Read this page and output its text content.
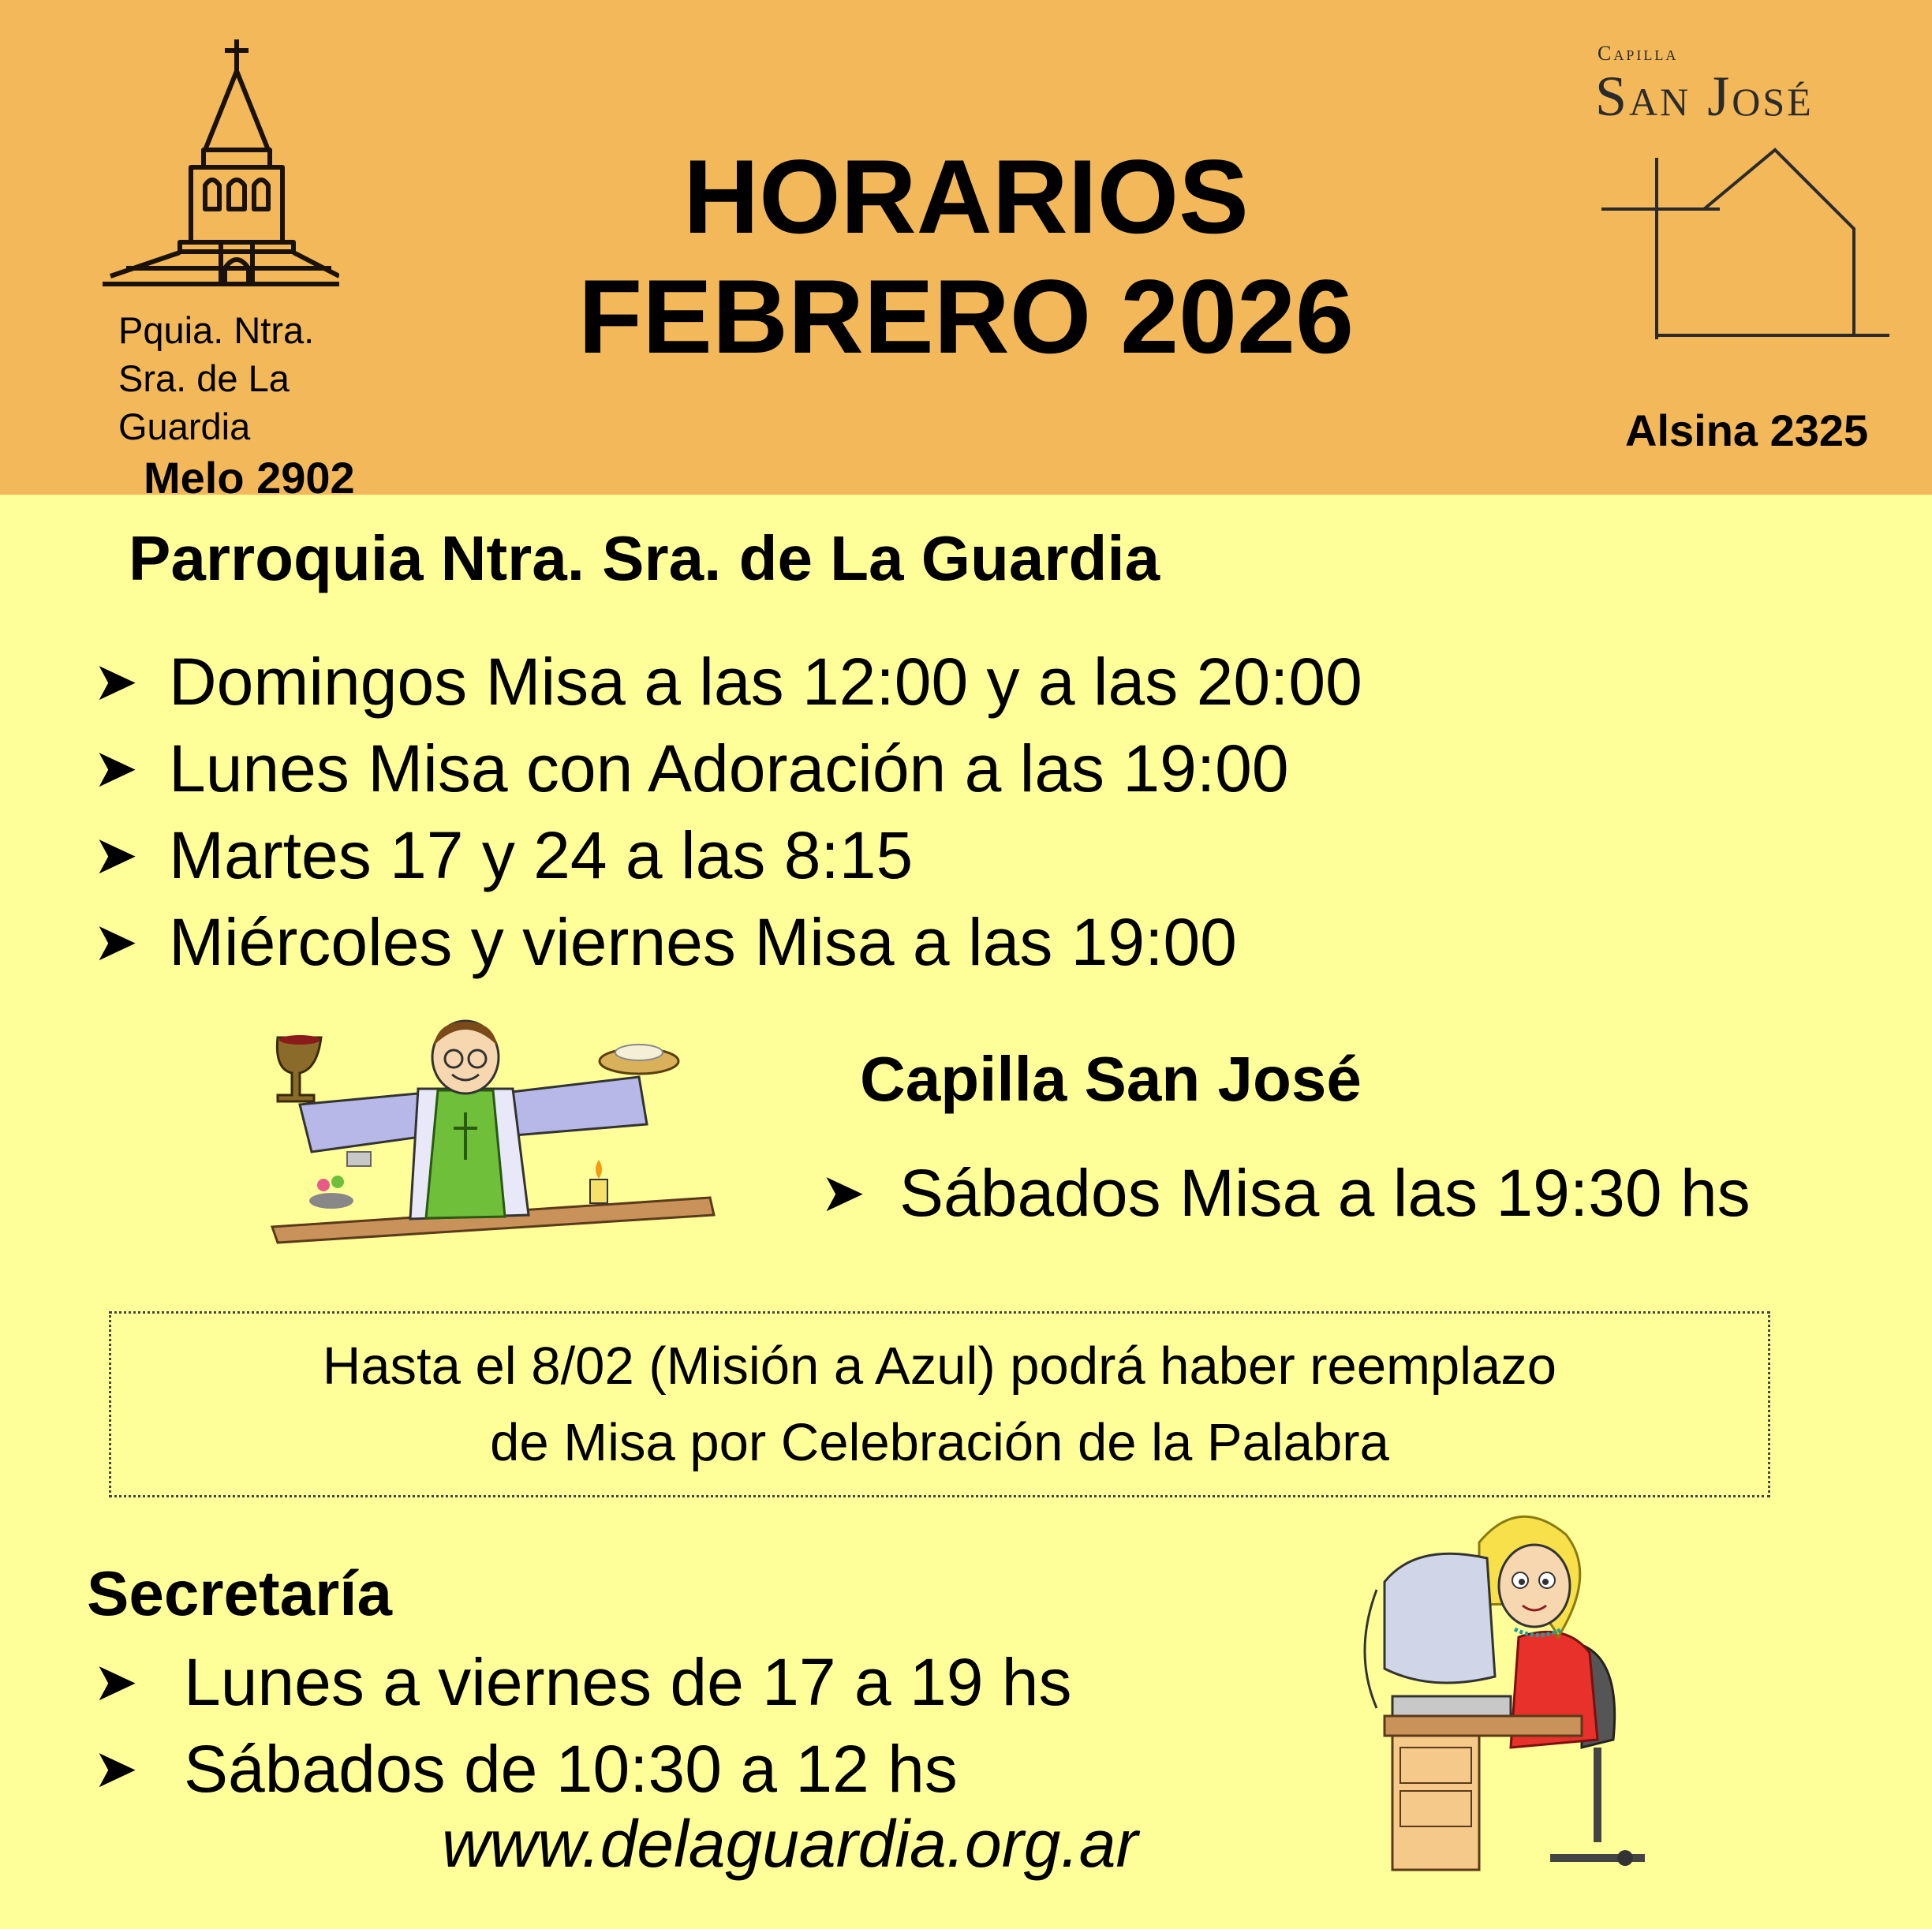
Pquia. Ntra. Sra. de La Guardia
Melo 2902
HORARIOS
FEBRERO 2026
Capilla
San José
Alsina 2325
Parroquia Ntra. Sra. de La Guardia
➤ Domingos Misa a las 12:00 y a las 20:00
➤ Lunes Misa con Adoración a las 19:00
➤ Martes 17 y 24 a las 8:15
➤ Miércoles y viernes Misa a las 19:00
Capilla San José
➤ Sábados Misa a las 19:30 hs
Hasta el 8/02 (Misión a Azul) podrá haber reemplazo
de Misa por Celebración de la Palabra
Secretaría
➤ Lunes a viernes de 17 a 19 hs
➤ Sábados de 10:30 a 12 hs
www.delaguardia.org.ar
